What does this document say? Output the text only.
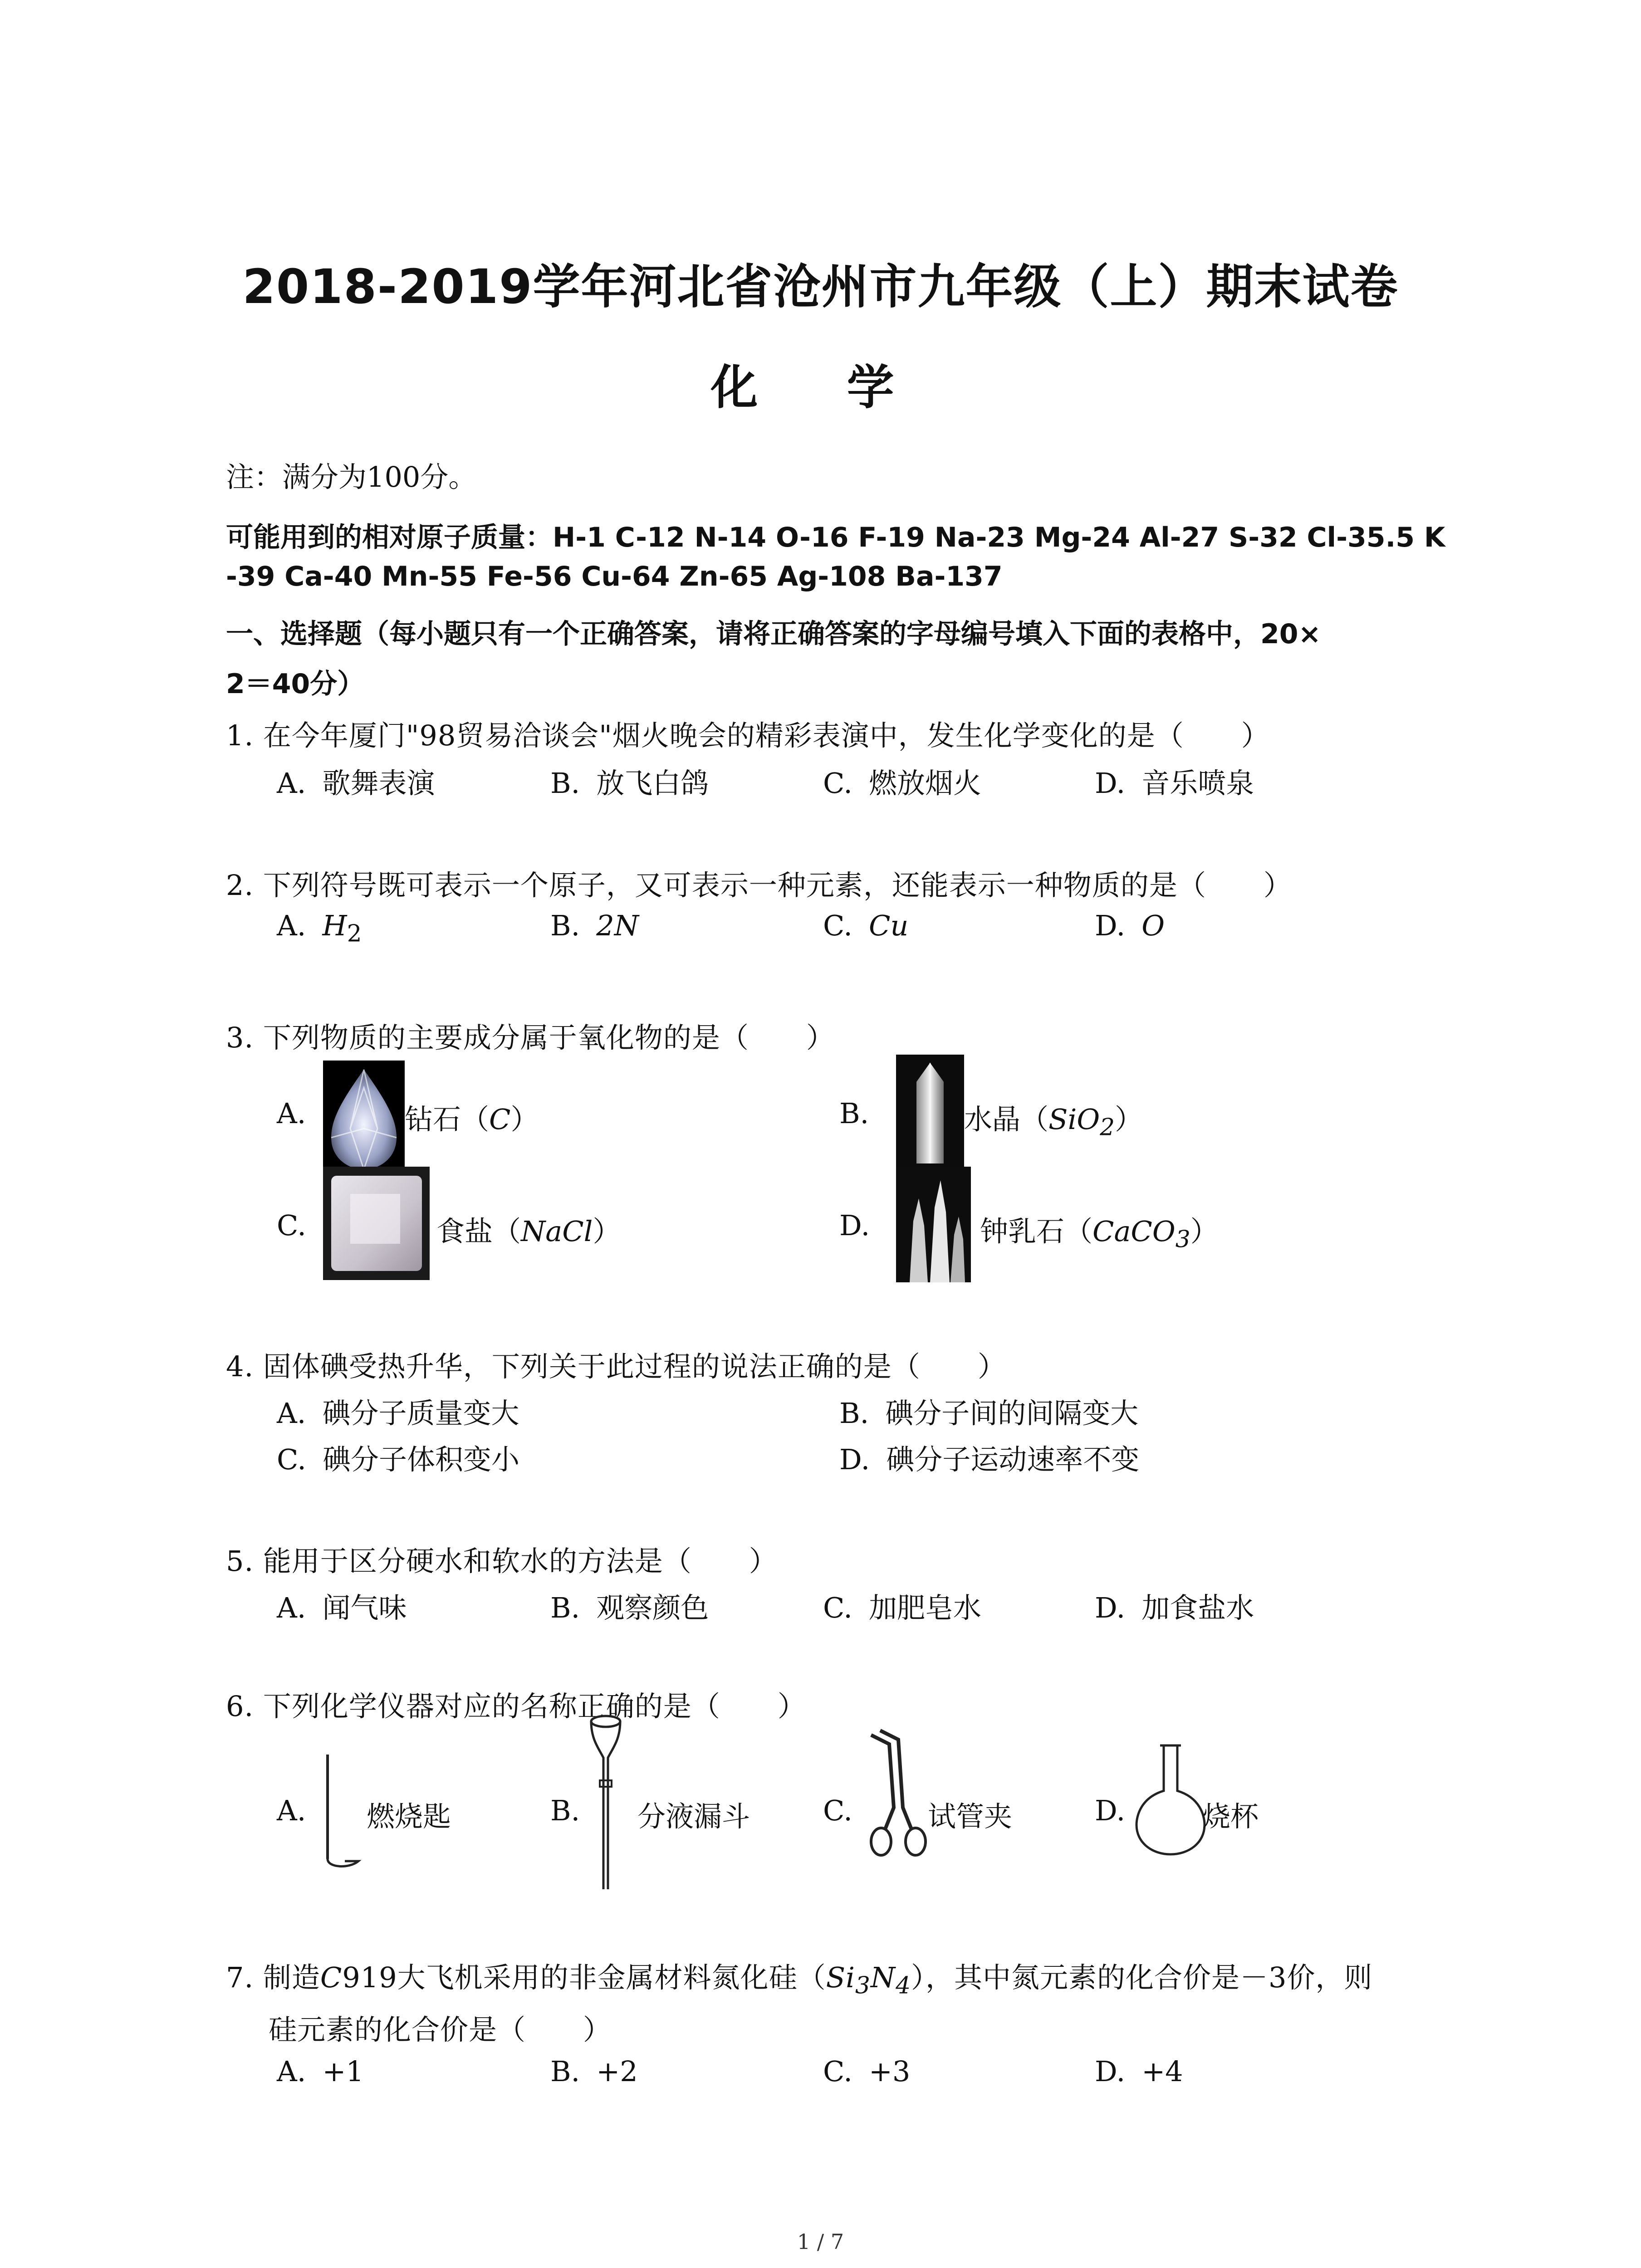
2018-2019学年河北省沧州市九年级（上）期末试卷
化 学
注：满分为100分。
可能用到的相对原子质量：H-1 C-12 N-14 O-16 F-19 Na-23 Mg-24 Al-27 S-32 Cl-35.5 K
-39 Ca-40 Mn-55 Fe-56 Cu-64 Zn-65 Ag-108 Ba-137
一、选择题（每小题只有一个正确答案，请将正确答案的字母编号填入下面的表格中，20×
2＝40分）
1. 在今年厦门"98贸易洽谈会"烟火晚会的精彩表演中，发生化学变化的是（　　）
A. 歌舞表演	B. 放飞白鸽	C. 燃放烟火	D. 音乐喷泉
2. 下列符号既可表示一个原子，又可表示一种元素，还能表示一种物质的是（　　）
A. $H_2$	B. 2N	C. Cu	D. O
3. 下列物质的主要成分属于氧化物的是（　　）
A.	钻石（C）	B.	水晶（SiO$_2$）
C.	食盐（NaCl）	D.	钟乳石（CaCO$_3$）
4. 固体碘受热升华，下列关于此过程的说法正确的是（　　）
A. 碘分子质量变大	B. 碘分子间的间隔变大
C. 碘分子体积变小	D. 碘分子运动速率不变
5. 能用于区分硬水和软水的方法是（　　）
A. 闻气味	B. 观察颜色	C. 加肥皂水	D. 加食盐水
6. 下列化学仪器对应的名称正确的是（　　）
A. 燃烧匙	B. 分液漏斗	C.	试管夹	D.	烧杯
7. 制造C919大飞机采用的非金属材料氮化硅$(Si_3N_4)$，其中氮元素的化合价是－3价，则
硅元素的化合价是（　　）
A. +1	B. +2	C. +3	D. +4
1 / 7
